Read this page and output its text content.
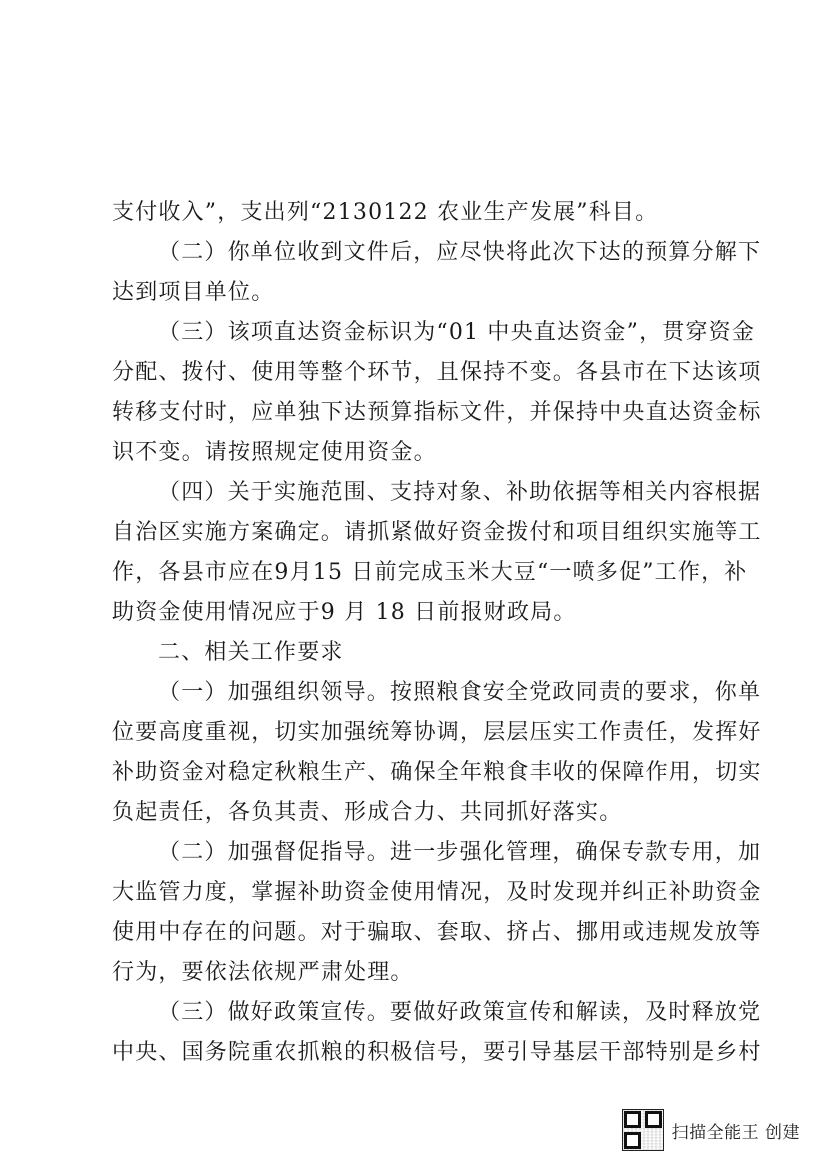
支付收入”，支出列“2130122 农业生产发展”科目。
（二）你单位收到文件后，应尽快将此次下达的预算分解下
达到项目单位。
（三）该项直达资金标识为“01 中央直达资金”，贯穿资金
分配、拨付、使用等整个环节，且保持不变。各县市在下达该项
转移支付时，应单独下达预算指标文件，并保持中央直达资金标
识不变。请按照规定使用资金。
（四）关于实施范围、支持对象、补助依据等相关内容根据
自治区实施方案确定。请抓紧做好资金拨付和项目组织实施等工
作，各县市应在9月15 日前完成玉米大豆“一喷多促”工作，补
助资金使用情况应于9 月 18 日前报财政局。
二、相关工作要求
（一）加强组织领导。按照粮食安全党政同责的要求，你单
位要高度重视，切实加强统筹协调，层层压实工作责任，发挥好
补助资金对稳定秋粮生产、确保全年粮食丰收的保障作用，切实
负起责任，各负其责、形成合力、共同抓好落实。
（二）加强督促指导。进一步强化管理，确保专款专用，加
大监管力度，掌握补助资金使用情况，及时发现并纠正补助资金
使用中存在的问题。对于骗取、套取、挤占、挪用或违规发放等
行为，要依法依规严肃处理。
（三）做好政策宣传。要做好政策宣传和解读，及时释放党
中央、国务院重农抓粮的积极信号，要引导基层干部特别是乡村
扫描全能王 创建
